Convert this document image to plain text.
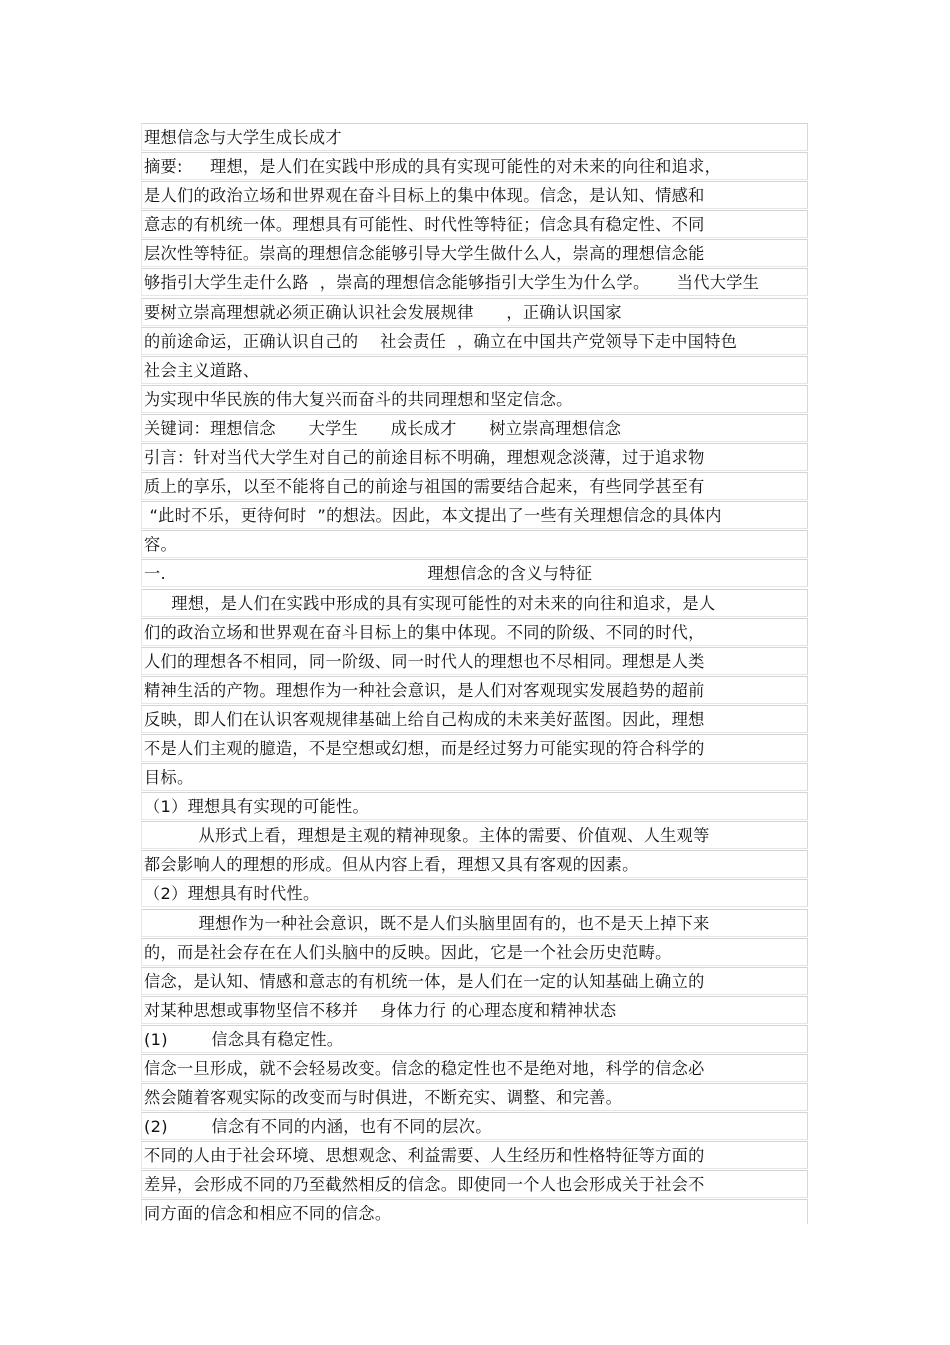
理想信念与大学生成长成才
摘要:     理想，是人们在实践中形成的具有实现可能性的对未来的向往和追求，
是人们的政治立场和世界观在奋斗目标上的集中体现。信念，是认知、情感和
意志的有机统一体。理想具有可能性、时代性等特征；信念具有稳定性、不同
层次性等特征。崇高的理想信念能够引导大学生做什么人，崇高的理想信念能
够指引大学生走什么路  ，崇高的理想信念能够指引大学生为什么学。     当代大学生
要树立崇高理想就必须正确认识社会发展规律      ，正确认识国家
的前途命运，正确认识自己的    社会责任  ，确立在中国共产党领导下走中国特色
社会主义道路、
为实现中华民族的伟大复兴而奋斗的共同理想和坚定信念。
关键词：理想信念      大学生      成长成才      树立崇高理想信念
引言：针对当代大学生对自己的前途目标不明确，理想观念淡薄，过于追求物
质上的享乐，以至不能将自己的前途与祖国的需要结合起来，有些同学甚至有
“此时不乐，更待何时  ”的想法。因此，本文提出了一些有关理想信念的具体内
容。
一.                                                理想信念的含义与特征
理想，是人们在实践中形成的具有实现可能性的对未来的向往和追求，是人
们的政治立场和世界观在奋斗目标上的集中体现。不同的阶级、不同的时代，
人们的理想各不相同，同一阶级、同一时代人的理想也不尽相同。理想是人类
精神生活的产物。理想作为一种社会意识，是人们对客观现实发展趋势的超前
反映，即人们在认识客观规律基础上给自己构成的未来美好蓝图。因此，理想
不是人们主观的臆造，不是空想或幻想，而是经过努力可能实现的符合科学的
目标。
（1）理想具有实现的可能性。
从形式上看，理想是主观的精神现象。主体的需要、价值观、人生观等
都会影响人的理想的形成。但从内容上看，理想又具有客观的因素。
（2）理想具有时代性。
理想作为一种社会意识，既不是人们头脑里固有的，也不是天上掉下来
的，而是社会存在在人们头脑中的反映。因此，它是一个社会历史范畴。
信念，是认知、情感和意志的有机统一体，是人们在一定的认知基础上确立的
对某种思想或事物坚信不移并    身体力行 的心理态度和精神状态
(1)        信念具有稳定性。
信念一旦形成，就不会轻易改变。信念的稳定性也不是绝对地，科学的信念必
然会随着客观实际的改变而与时俱进，不断充实、调整、和完善。
(2)        信念有不同的内涵，也有不同的层次。
不同的人由于社会环境、思想观念、利益需要、人生经历和性格特征等方面的
差异，会形成不同的乃至截然相反的信念。即使同一个人也会形成关于社会不
同方面的信念和相应不同的信念。
